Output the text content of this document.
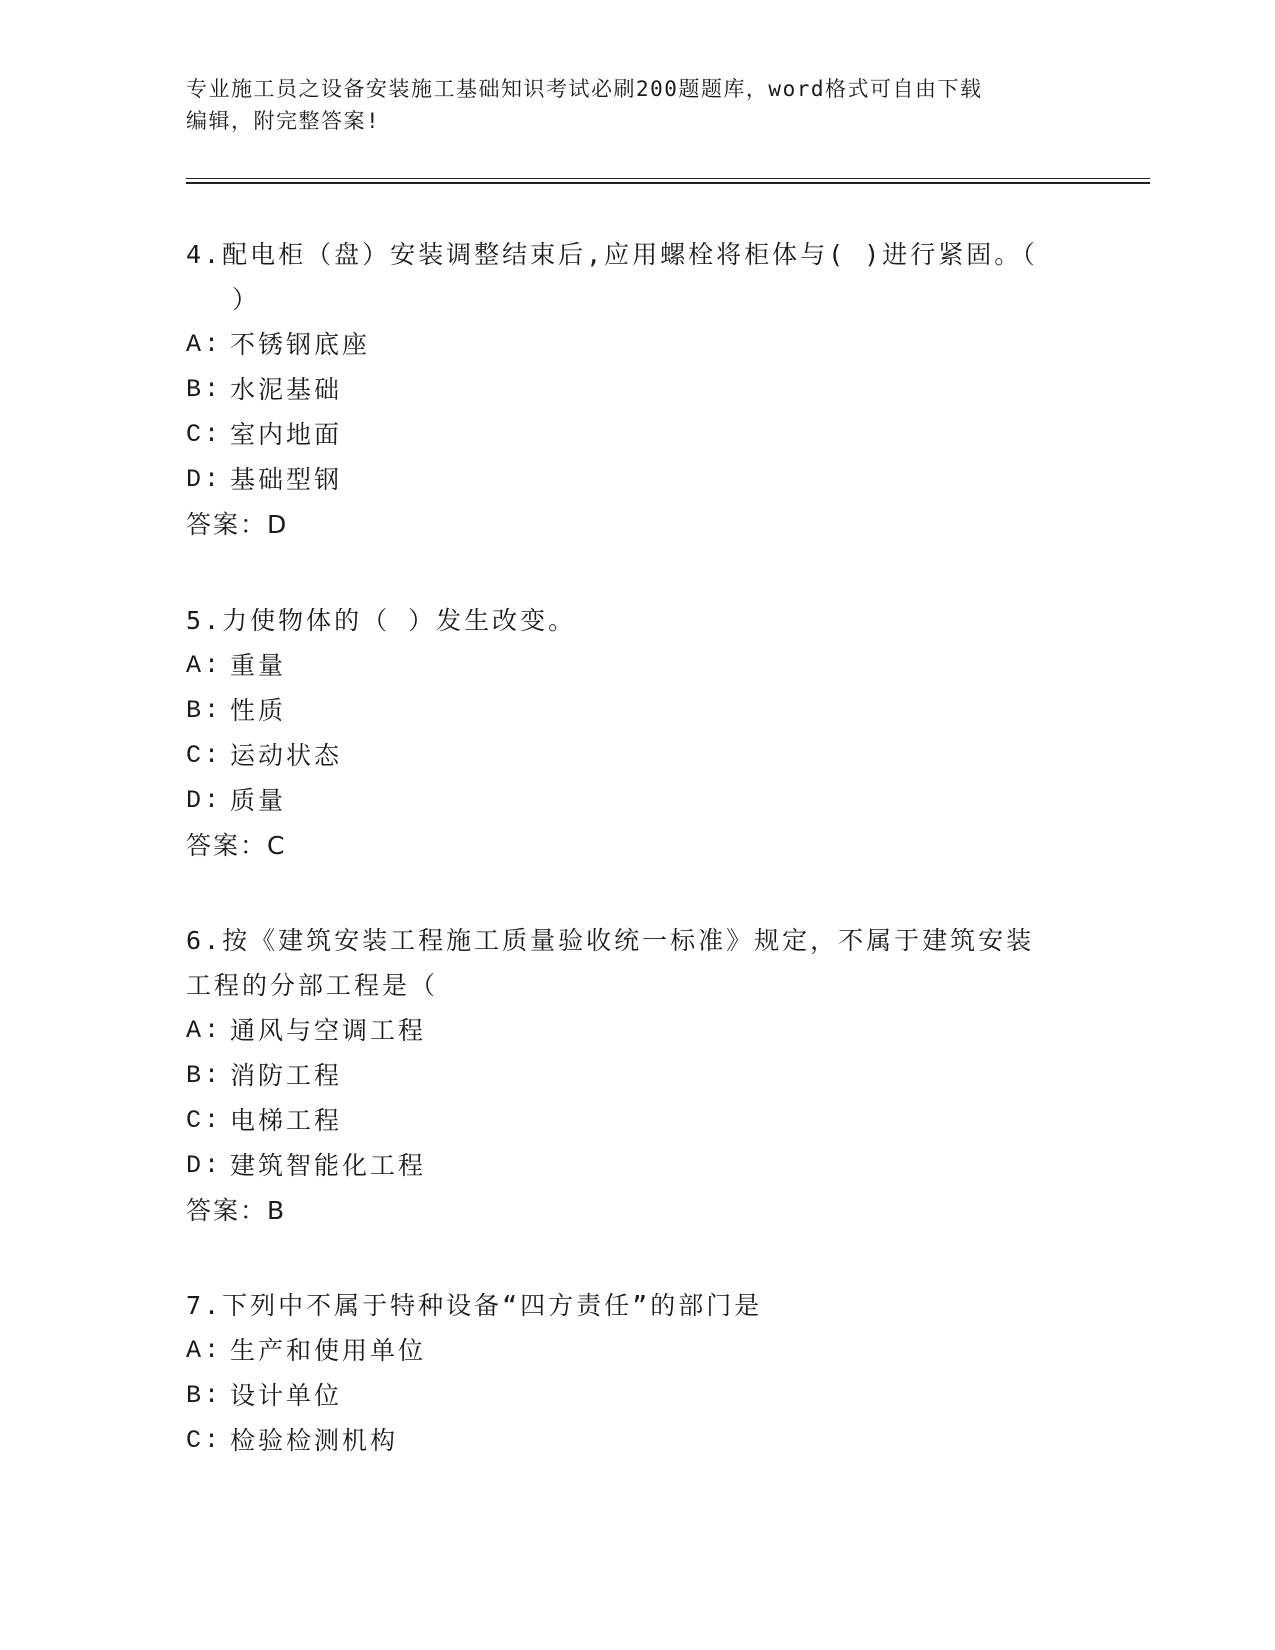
专业施工员之设备安装施工基础知识考试必刷200题题库，word格式可自由下载
编辑，附完整答案!
4.配电柜（盘）安装调整结束后,应用螺栓将柜体与( )进行紧固。（
）
A: 不锈钢底座
B: 水泥基础
C: 室内地面
D: 基础型钢
答案：D
5.力使物体的（ ）发生改变。
A: 重量
B: 性质
C: 运动状态
D: 质量
答案：C
6.按《建筑安装工程施工质量验收统一标准》规定，不属于建筑安装
工程的分部工程是（
A: 通风与空调工程
B: 消防工程
C: 电梯工程
D: 建筑智能化工程
答案：B
7.下列中不属于特种设备“四方责任”的部门是
A: 生产和使用单位
B: 设计单位
C: 检验检测机构
